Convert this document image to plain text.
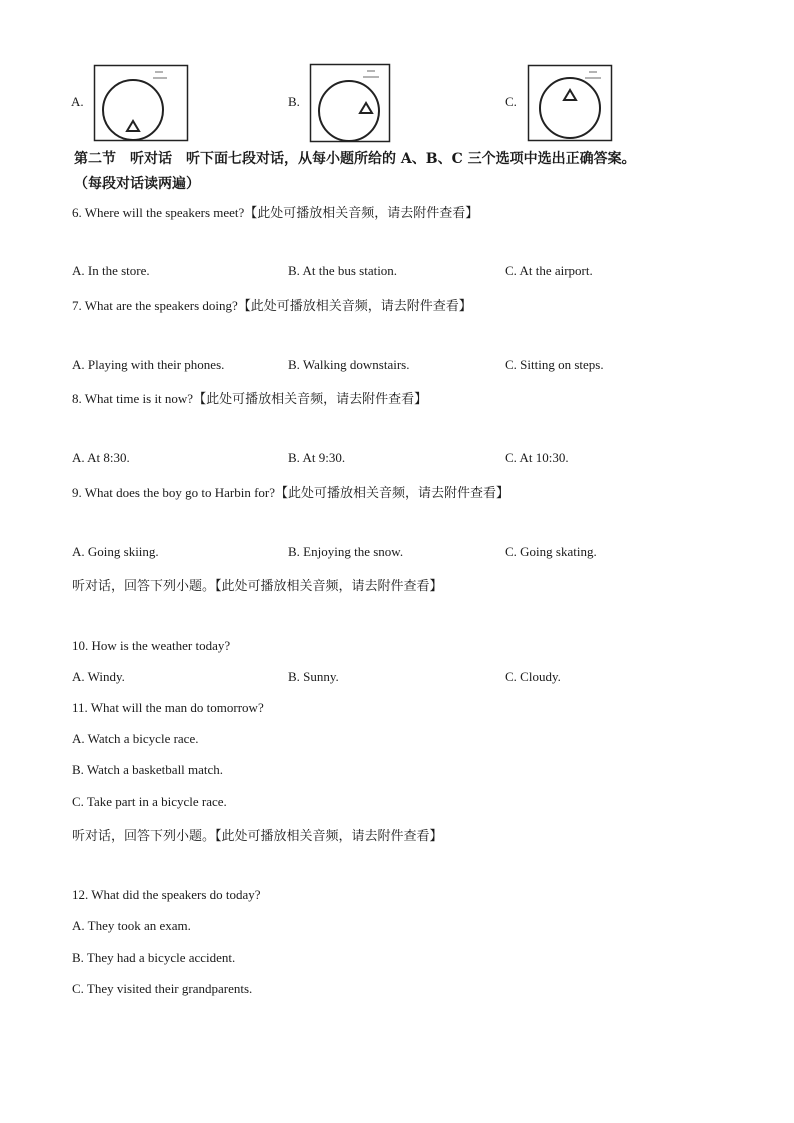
A.	B.	C.
第二节　听对话　听下面七段对话，从每小题所给的 A、B、C 三个选项中选出正确答案。
（每段对话读两遍）
6. Where will the speakers meet?【此处可播放相关音频，请去附件查看】
A. In the store.	B. At the bus station.	C. At the airport.
7. What are the speakers doing?【此处可播放相关音频，请去附件查看】
A. Playing with their phones.	B. Walking downstairs.	C. Sitting on steps.
8. What time is it now?【此处可播放相关音频，请去附件查看】
A. At 8:30.	B. At 9:30.	C. At 10:30.
9. What does the boy go to Harbin for?【此处可播放相关音频，请去附件查看】
A. Going skiing.	B. Enjoying the snow.	C. Going skating.
听对话，回答下列小题。【此处可播放相关音频，请去附件查看】
10. How is the weather today?
A. Windy.	B. Sunny.	C. Cloudy.
11. What will the man do tomorrow?
A. Watch a bicycle race.
B. Watch a basketball match.
C. Take part in a bicycle race.
听对话，回答下列小题。【此处可播放相关音频，请去附件查看】
12. What did the speakers do today?
A. They took an exam.
B. They had a bicycle accident.
C. They visited their grandparents.
